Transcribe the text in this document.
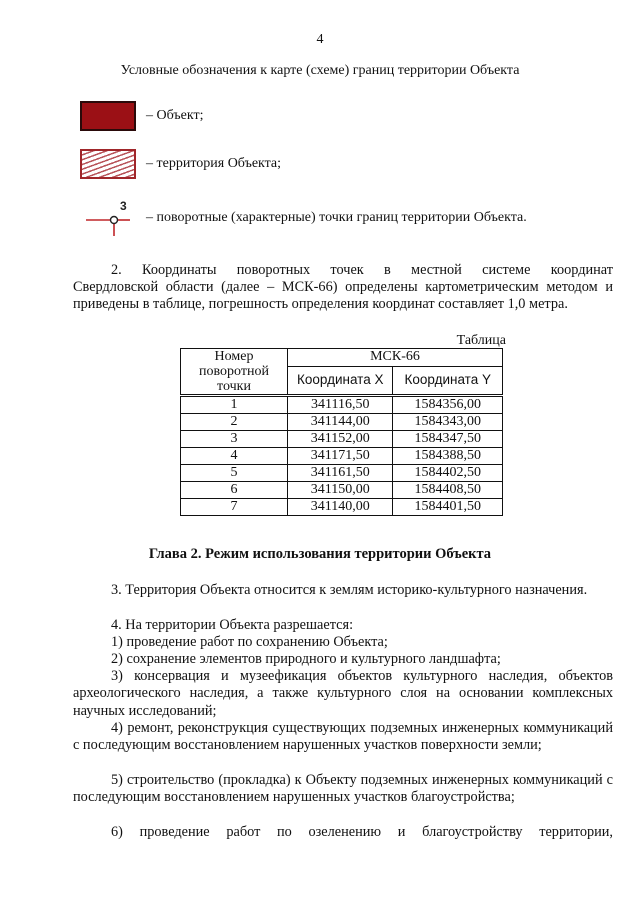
4
Условные обозначения к карте (схеме) границ территории Объекта
– Объект;
– территория Объекта;
3
– поворотные (характерные) точки границ территории Объекта.
2. Координаты поворотных точек в местной системе координат
Свердловской области (далее – МСК-66) определены картометрическим методом и приведены в таблице, погрешность определения координат составляет 1,0 метра.
Таблица
Номер поворотной точки	МСК-66	
	Координата X	Координата Y
1	341116,50	1584356,00
2	341144,00	1584343,00
3	341152,00	1584347,50
4	341171,50	1584388,50
5	341161,50	1584402,50
6	341150,00	1584408,50
7	341140,00	1584401,50
Глава 2. Режим использования территории Объекта
3. Территория Объекта относится к землям историко-культурного назначения.
4. На территории Объекта разрешается:
1) проведение работ по сохранению Объекта;
2) сохранение элементов природного и культурного ландшафта;
3) консервация и музеефикация объектов культурного наследия, объектов археологического наследия, а также культурного слоя на основании комплексных научных исследований;
4) ремонт, реконструкция существующих подземных инженерных коммуникаций с последующим восстановлением нарушенных участков поверхности земли;
5) строительство (прокладка) к Объекту подземных инженерных коммуникаций с последующим восстановлением нарушенных участков благоустройства;
6) проведение работ по озеленению и благоустройству территории,
